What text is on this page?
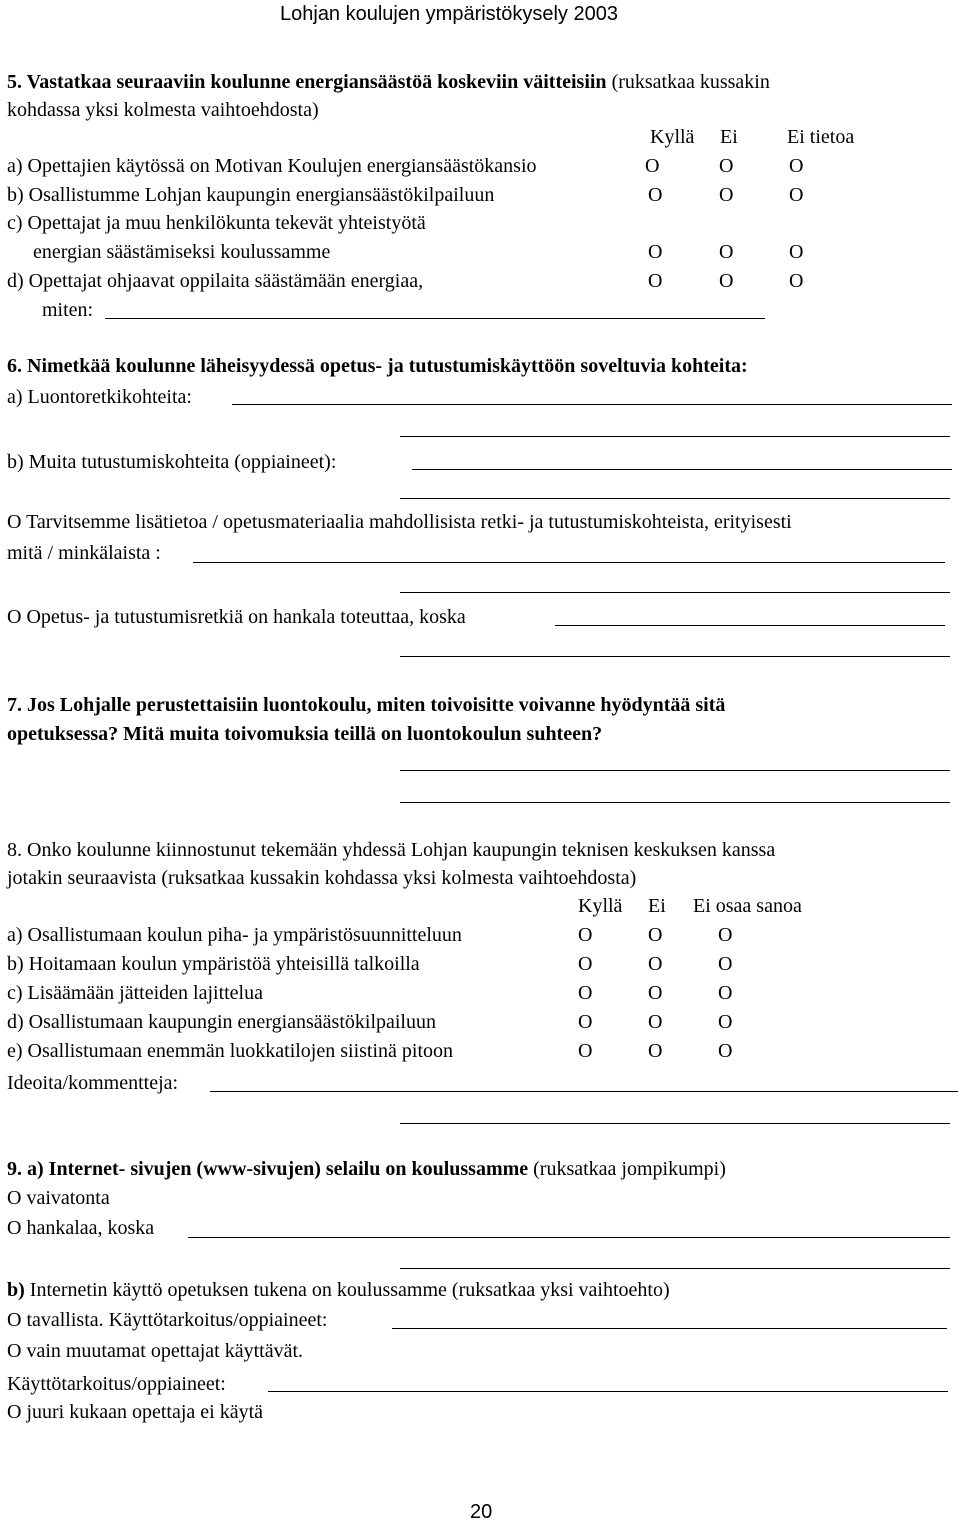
Lohjan koulujen ympäristökysely 2003
5. Vastatkaa seuraaviin koulunne energiansäästöä koskeviin väitteisiin (ruksatkaa kussakin
kohdassa yksi kolmesta vaihtoehdosta)
Kyllä Ei Ei tietoa
a) Opettajien käytössä on Motivan Koulujen energiansäästökansio	O	O	O
b) Osallistumme Lohjan kaupungin energiansäästökilpailuun	O	O	O
c) Opettajat ja muu henkilökunta tekevät yhteistyötä
energian säästämiseksi koulussamme	O	O	O
d) Opettajat ohjaavat oppilaita säästämään energiaa,	O	O	O
miten:
6. Nimetkää koulunne läheisyydessä opetus- ja tutustumiskäyttöön soveltuvia kohteita:
a) Luontoretkikohteita:
b) Muita tutustumiskohteita (oppiaineet):
O Tarvitsemme lisätietoa / opetusmateriaalia mahdollisista retki- ja tutustumiskohteista, erityisesti
mitä / minkälaista :
O Opetus- ja tutustumisretkiä on hankala toteuttaa, koska
7. Jos Lohjalle perustettaisiin luontokoulu, miten toivoisitte voivanne hyödyntää sitä
opetuksessa? Mitä muita toivomuksia teillä on luontokoulun suhteen?
8. Onko koulunne kiinnostunut tekemään yhdessä Lohjan kaupungin teknisen keskuksen kanssa
jotakin seuraavista (ruksatkaa kussakin kohdassa yksi kolmesta vaihtoehdosta)
Kyllä Ei Ei osaa sanoa
a) Osallistumaan koulun piha- ja ympäristösuunnitteluun	O	O	O
b) Hoitamaan koulun ympäristöä yhteisillä talkoilla	O	O	O
c) Lisäämään jätteiden lajittelua	O	O	O
d) Osallistumaan kaupungin energiansäästökilpailuun	O	O	O
e) Osallistumaan enemmän luokkatilojen siistinä pitoon	O	O	O
Ideoita/kommentteja:
9. a) Internet- sivujen (www-sivujen) selailu on koulussamme (ruksatkaa jompikumpi)
O vaivatonta
O hankalaa, koska
b) Internetin käyttö opetuksen tukena on koulussamme (ruksatkaa yksi vaihtoehto)
O tavallista. Käyttötarkoitus/oppiaineet:
O vain muutamat opettajat käyttävät.
Käyttötarkoitus/oppiaineet:
O juuri kukaan opettaja ei käytä
20
